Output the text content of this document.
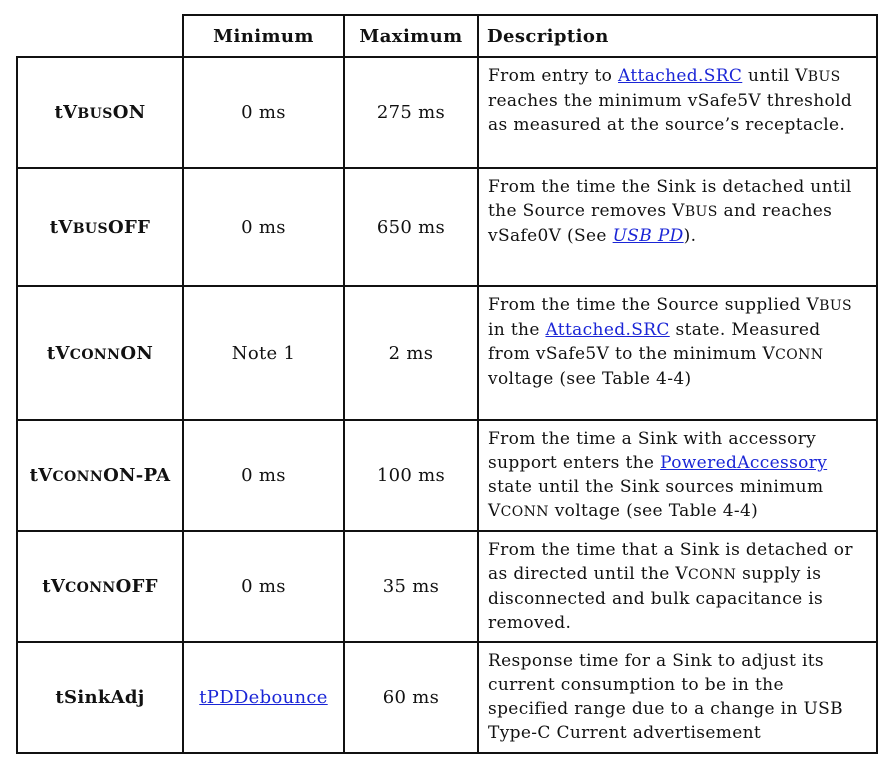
	Minimum	Maximum	Description
tVBUSON	0 ms	275 ms	From entry to Attached.SRC until VBUS reaches the minimum vSafe5V threshold as measured at the source’s receptacle.
tVBUSOFF	0 ms	650 ms	From the time the Sink is detached until the Source removes VBUS and reaches vSafe0V (See USB PD).
tVCONNON	Note 1	2 ms	From the time the Source supplied VBUS in the Attached.SRC state. Measured from vSafe5V to the minimum VCONN voltage (see Table 4-4)
tVCONNON-PA	0 ms	100 ms	From the time a Sink with accessory support enters the PoweredAccessory state until the Sink sources minimum VCONN voltage (see Table 4-4)
tVCONNOFF	0 ms	35 ms	From the time that a Sink is detached or as directed until the VCONN supply is disconnected and bulk capacitance is removed.
tSinkAdj	tPDDebounce	60 ms	Response time for a Sink to adjust its current consumption to be in the specified range due to a change in USB Type-C Current advertisement
